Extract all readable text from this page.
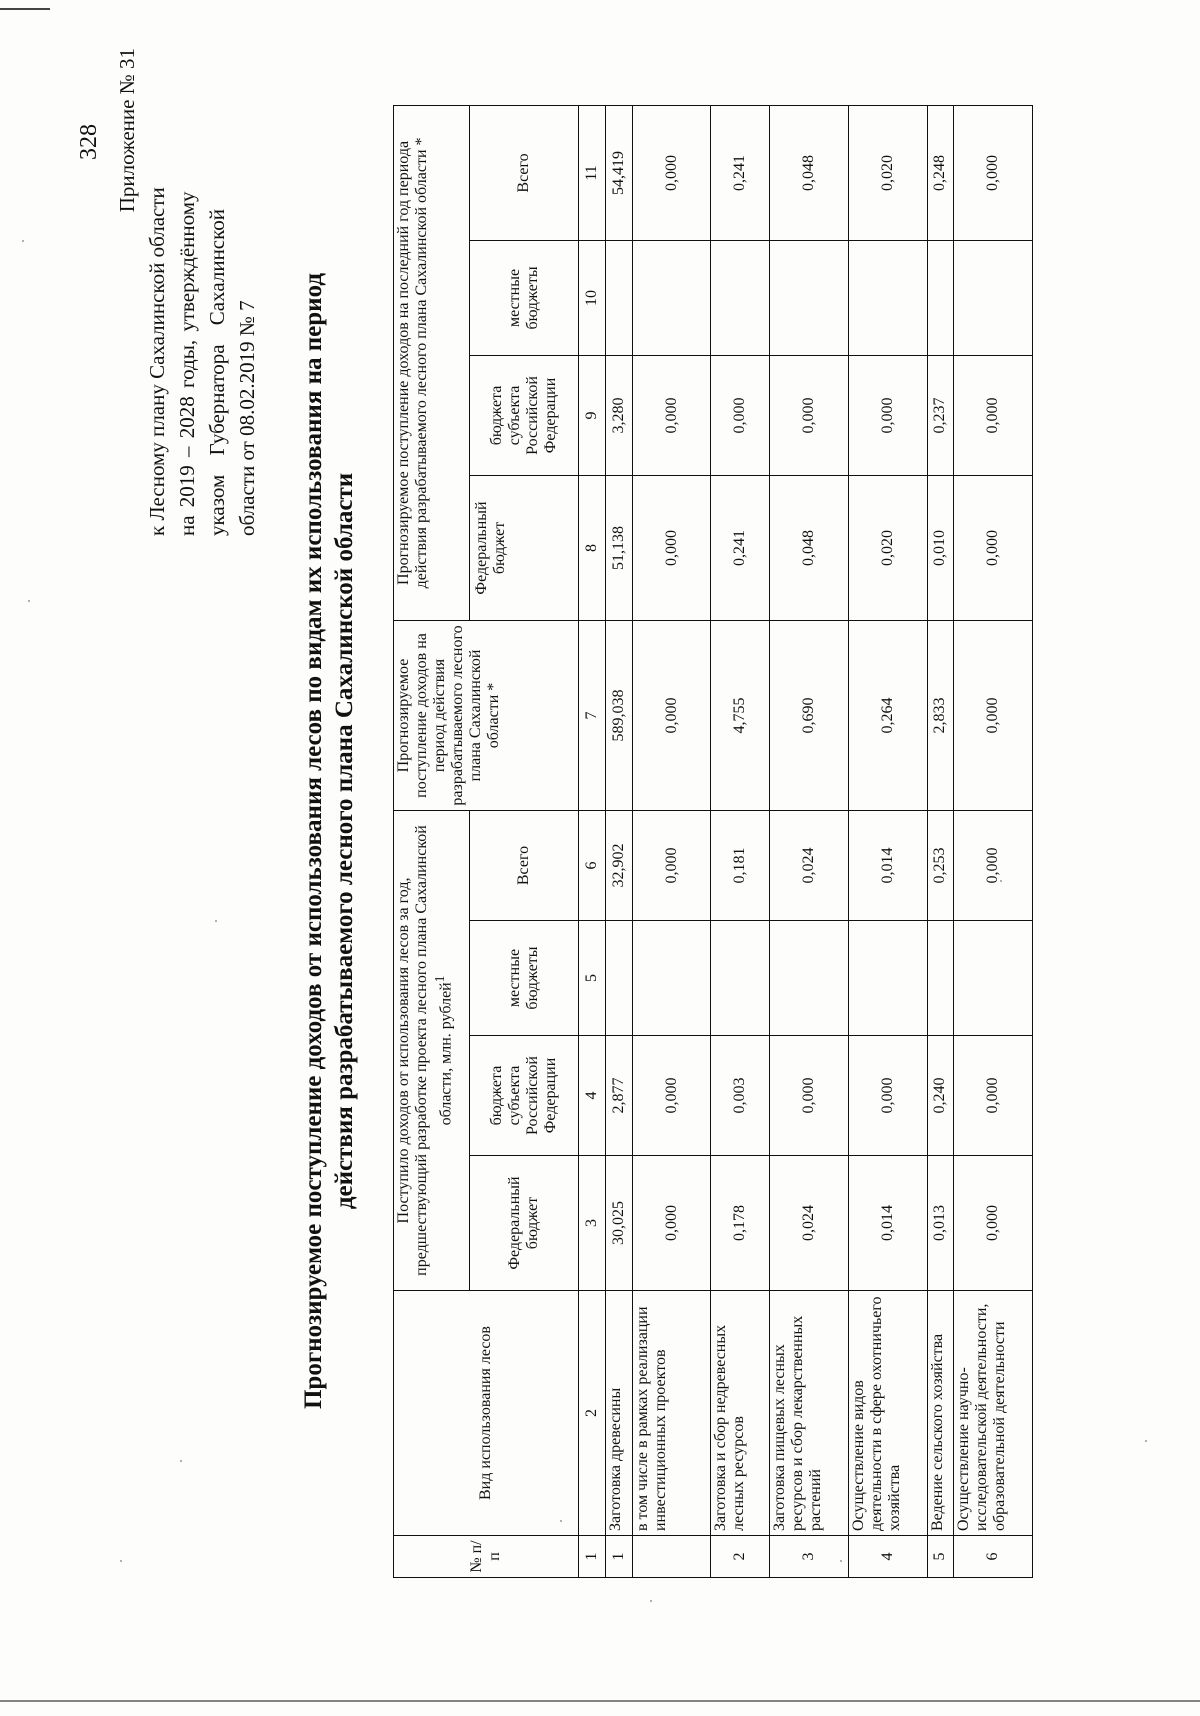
328 Приложение № 31
к Лесному плану Сахалинской области на 2019 – 2028 годы, утверждённому указом Губернатора Сахалинской области от 08.02.2019 № 7 Прогнозируемое поступление доходов от использования лесов по видам их использования на период действия разрабатываемого лесного плана Сахалинской области
№ п/п	Вид использования лесов	Поступило доходов от использования лесов за год, предшествующий разработке проекта лесного плана Сахалинской области, млн. рублей$^1$				Прогнозируемое поступление доходов на период действия разрабатываемого лесного плана Сахалинской области *	Прогнозируемое поступление доходов на последний год периода действия разрабатываемого лесного плана Сахалинской области *			
		Федеральный бюджет	бюджета субъекта Российской Федерации	местные бюджеты	Всего		Федеральный бюджет	бюджета субъекта Российской Федерации	местные бюджеты	Всего

1	2	3	4	5	6	7	8	9	10	11
1	Заготовка древесины	30,025	2,877		32,902	589,038	51,138	3,280		54,419
	в том числе в рамках реализации инвестиционных проектов	0,000	0,000		0,000	0,000	0,000	0,000		0,000
2	Заготовка и сбор недревесных лесных ресурсов	0,178	0,003		0,181	4,755	0,241	0,000		0,241
3	Заготовка пищевых лесных ресурсов и сбор лекарственных растений	0,024	0,000		0,024	0,690	0,048	0,000		0,048
4	Осуществление видов деятельности в сфере охотничьего хозяйства	0,014	0,000		0,014	0,264	0,020	0,000		0,020
5	Ведение сельского хозяйства	0,013	0,240		0,253	2,833	0,010	0,237		0,248
6	Осуществление научно-исследовательской деятельности, образовательной деятельности	0,000	0,000		0,000	0,000	0,000	0,000		0,000
